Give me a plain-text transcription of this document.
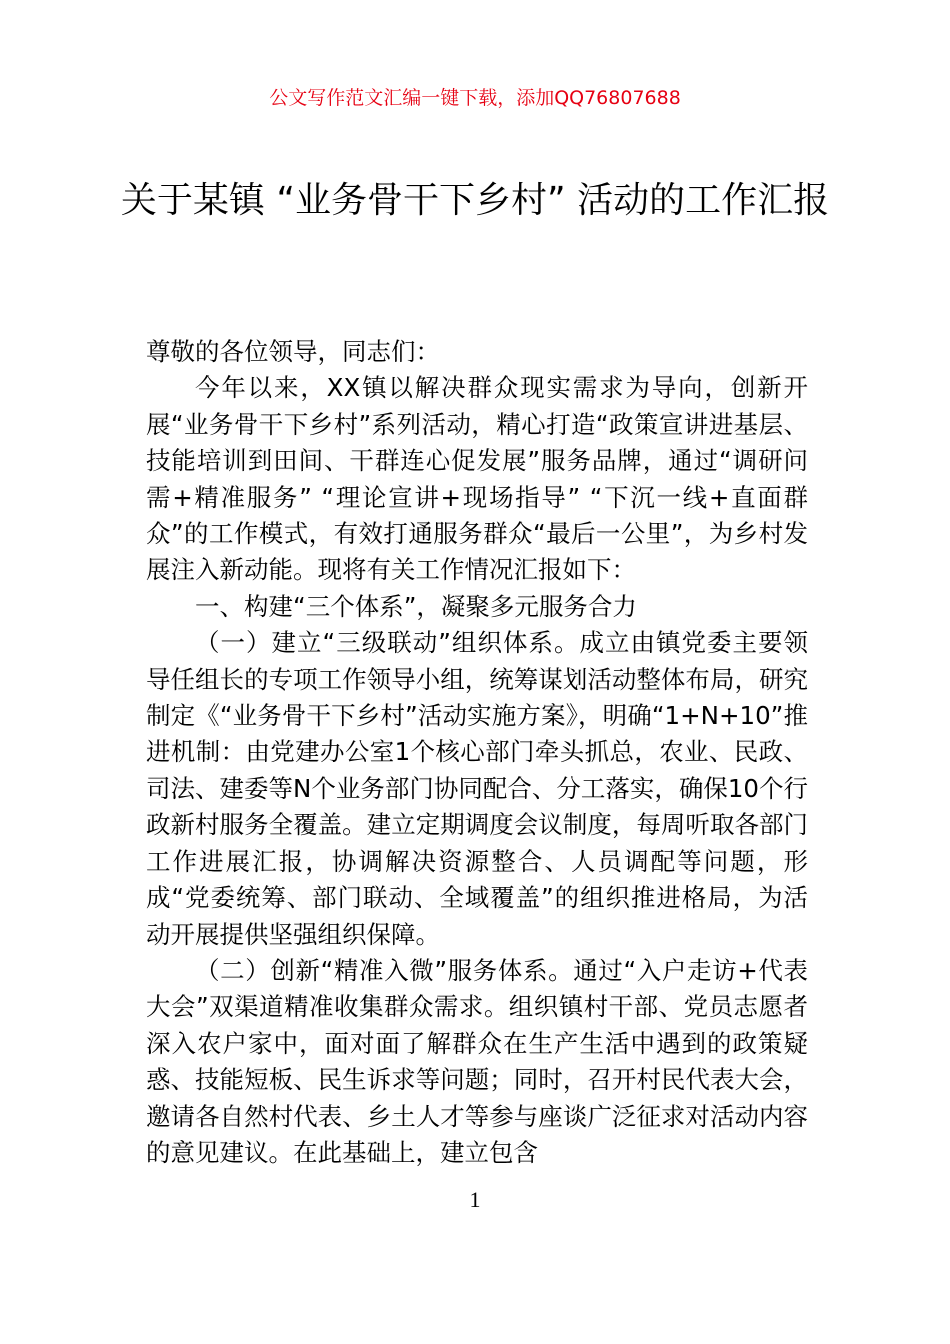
公文写作范文汇编一键下载，添加QQ76807688
关于某镇 “业务骨干下乡村” 活动的工作汇报

尊敬的各位领导，同志们：

今年以来，XX镇以解决群众现实需求为导向，创新开展“业务骨干下乡村”系列活动，精心打造“政策宣讲进基层、技能培训到田间、干群连心促发展”服务品牌，通过“调研问需+精准服务” “理论宣讲+现场指导” “下沉一线+直面群众”的工作模式，有效打通服务群众“最后一公里”，为乡村发展注入新动能。现将有关工作情况汇报如下：

一、构建“三个体系”，凝聚多元服务合力

（一）建立“三级联动”组织体系。成立由镇党委主要领导任组长的专项工作领导小组，统筹谋划活动整体布局，研究制定《“业务骨干下乡村”活动实施方案》，明确“1+N+10”推进机制：由党建办公室1个核心部门牵头抓总，农业、民政、司法、建委等N个业务部门协同配合、分工落实，确保10个行政新村服务全覆盖。建立定期调度会议制度，每周听取各部门工作进展汇报，协调解决资源整合、人员调配等问题，形成“党委统筹、部门联动、全域覆盖”的组织推进格局，为活动开展提供坚强组织保障。

（二）创新“精准入微”服务体系。通过“入户走访+代表大会”双渠道精准收集群众需求。组织镇村干部、党员志愿者深入农户家中，面对面了解群众在生产生活中遇到的政策疑惑、技能短板、民生诉求等问题；同时，召开村民代表大会，邀请各自然村代表、乡土人才等参与座谈广泛征求对活动内容的意见建议。在此基础上，建立包含

1
